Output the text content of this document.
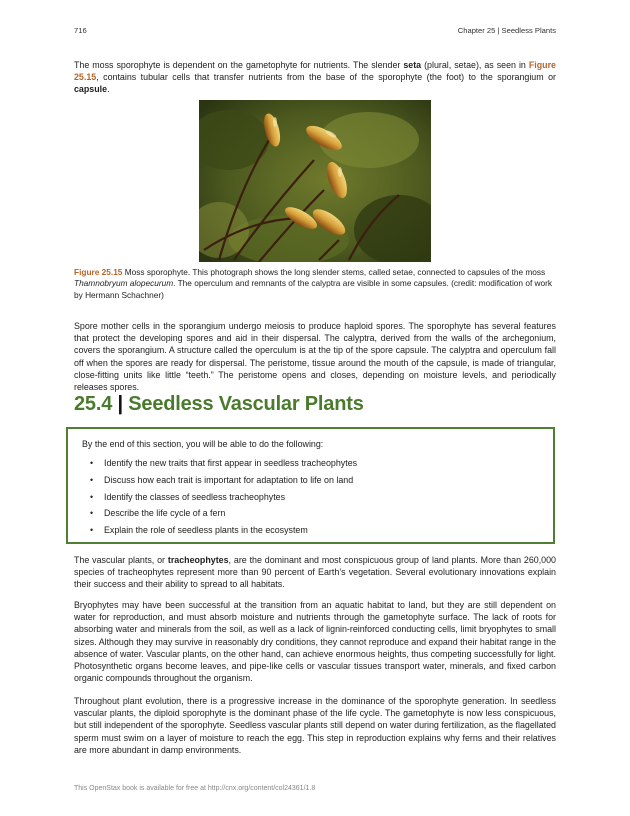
716	Chapter 25 | Seedless Plants

The moss sporophyte is dependent on the gametophyte for nutrients. The slender seta (plural, setae), as seen in Figure 25.15, contains tubular cells that transfer nutrients from the base of the sporophyte (the foot) to the sporangium or capsule.

Figure 25.15 Moss sporophyte. This photograph shows the long slender stems, called setae, connected to capsules of the moss Thamnobryum alopecurum. The operculum and remnants of the calyptra are visible in some capsules. (credit: modification of work by Hermann Schachner)

Spore mother cells in the sporangium undergo meiosis to produce haploid spores. The sporophyte has several features that protect the developing spores and aid in their dispersal. The calyptra, derived from the walls of the archegonium, covers the sporangium. A structure called the operculum is at the tip of the spore capsule. The calyptra and operculum fall off when the spores are ready for dispersal. The peristome, tissue around the mouth of the capsule, is made of triangular, close-fitting units like little “teeth.” The peristome opens and closes, depending on moisture levels, and periodically releases spores.

25.4 | Seedless Vascular Plants

By the end of this section, you will be able to do the following:

• Identify the new traits that first appear in seedless tracheophytes
• Discuss how each trait is important for adaptation to life on land
• Identify the classes of seedless tracheophytes
• Describe the life cycle of a fern
• Explain the role of seedless plants in the ecosystem

The vascular plants, or tracheophytes, are the dominant and most conspicuous group of land plants. More than 260,000 species of tracheophytes represent more than 90 percent of Earth’s vegetation. Several evolutionary innovations explain their success and their ability to spread to all habitats.

Bryophytes may have been successful at the transition from an aquatic habitat to land, but they are still dependent on water for reproduction, and must absorb moisture and nutrients through the gametophyte surface. The lack of roots for absorbing water and minerals from the soil, as well as a lack of lignin-reinforced conducting cells, limit bryophytes to small sizes. Although they may survive in reasonably dry conditions, they cannot reproduce and expand their habitat range in the absence of water. Vascular plants, on the other hand, can achieve enormous heights, thus competing successfully for light. Photosynthetic organs become leaves, and pipe-like cells or vascular tissues transport water, minerals, and fixed carbon organic compounds throughout the organism.

Throughout plant evolution, there is a progressive increase in the dominance of the sporophyte generation. In seedless vascular plants, the diploid sporophyte is the dominant phase of the life cycle. The gametophyte is now less conspicuous, but still independent of the sporophyte. Seedless vascular plants still depend on water during fertilization, as the flagellated sperm must swim on a layer of moisture to reach the egg. This step in reproduction explains why ferns and their relatives are more abundant in damp environments.

This OpenStax book is available for free at http://cnx.org/content/col24361/1.8
